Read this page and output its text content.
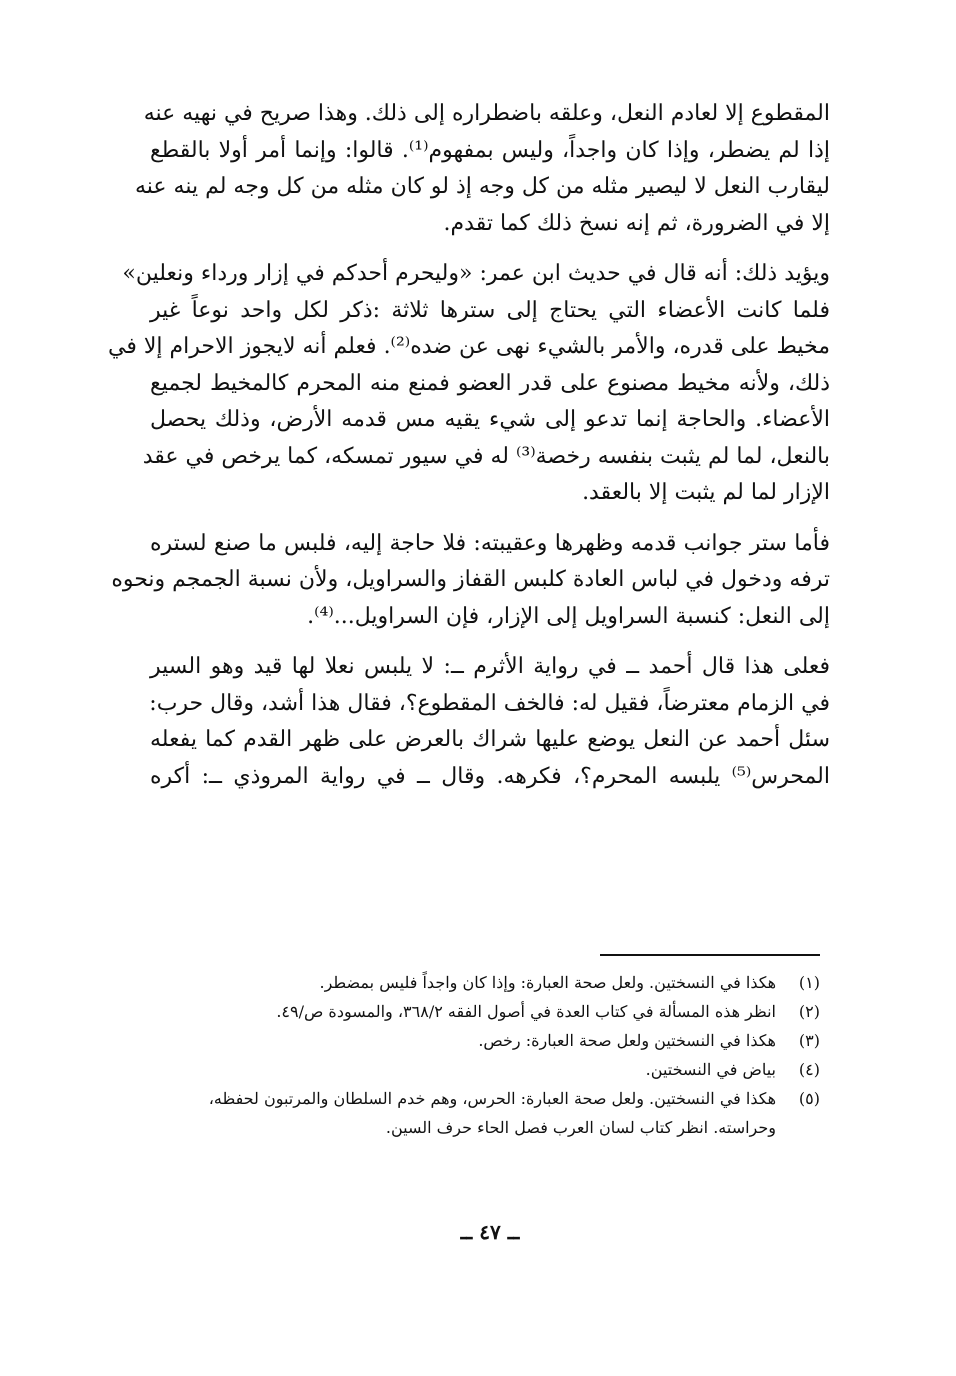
المقطوع إلا لعادم النعل، وعلقه باضطراره إلى ذلك. وهذا صريح في نهيه عنه
إذا لم يضطر، وإذا كان واجداً، وليس بمفهوم⁽¹⁾. قالوا: وإنما أمر أولا بالقطع
ليقارب النعل لا ليصير مثله من كل وجه إذ لو كان مثله من كل وجه لم ينه عنه
إلا في الضرورة، ثم إنه نسخ ذلك كما تقدم.

ويؤيد ذلك: أنه قال في حديث ابن عمر: «وليحرم أحدكم في إزار ورداء ونعلين»
فلما كانت الأعضاء التي يحتاج إلى سترها ثلاثة :ذكر لكل واحد نوعاً غير
مخيط على قدره، والأمر بالشيء نهى عن ضده⁽²⁾. فعلم أنه لايجوز الاحرام إلا في
ذلك، ولأنه مخيط مصنوع على قدر العضو فمنع منه المحرم كالمخيط لجميع
الأعضاء. والحاجة إنما تدعو إلى شيء يقيه مس قدمه الأرض، وذلك يحصل
بالنعل، لما لم يثبت بنفسه رخصة⁽³⁾ له في سيور تمسكه، كما يرخص في عقد
الإزار لما لم يثبت إلا بالعقد.

فأما ستر جوانب قدمه وظهرها وعقيبته: فلا حاجة إليه، فلبس ما صنع لستره
ترفه ودخول في لباس العادة كلبس القفاز والسراويل، ولأن نسبة الجمجم ونحوه
إلى النعل: كنسبة السراويل إلى الإزار، فإن السراويل...⁽⁴⁾.

فعلى هذا قال أحمد ــ في رواية الأثرم ــ: لا يلبس نعلا لها قيد وهو السير
في الزمام معترضاً، فقيل له: فالخف المقطوع؟، فقال هذا أشد، وقال حرب:
سئل أحمد عن النعل يوضع عليها شراك بالعرض على ظهر القدم كما يفعله
المحرس⁽⁵⁾ يلبسه المحرم؟، فكرهه. وقال ــ في رواية المروذي ــ: أكره

(١)
هكذا في النسختين. ولعل صحة العبارة: وإذا كان واجداً فليس بمضطر.
(٢)
انظر هذه المسألة في كتاب العدة في أصول الفقه ٣٦٨/٢، والمسودة ص/٤٩.
(٣)
هكذا في النسختين ولعل صحة العبارة: رخص.
(٤)
بياض في النسختين.
(٥)
هكذا في النسختين. ولعل صحة العبارة: الحرس، وهم خدم السلطان والمرتبون لحفظه، وحراسته. انظر كتاب لسان العرب فصل الحاء حرف السين.
ــ ٤٧ ــ
